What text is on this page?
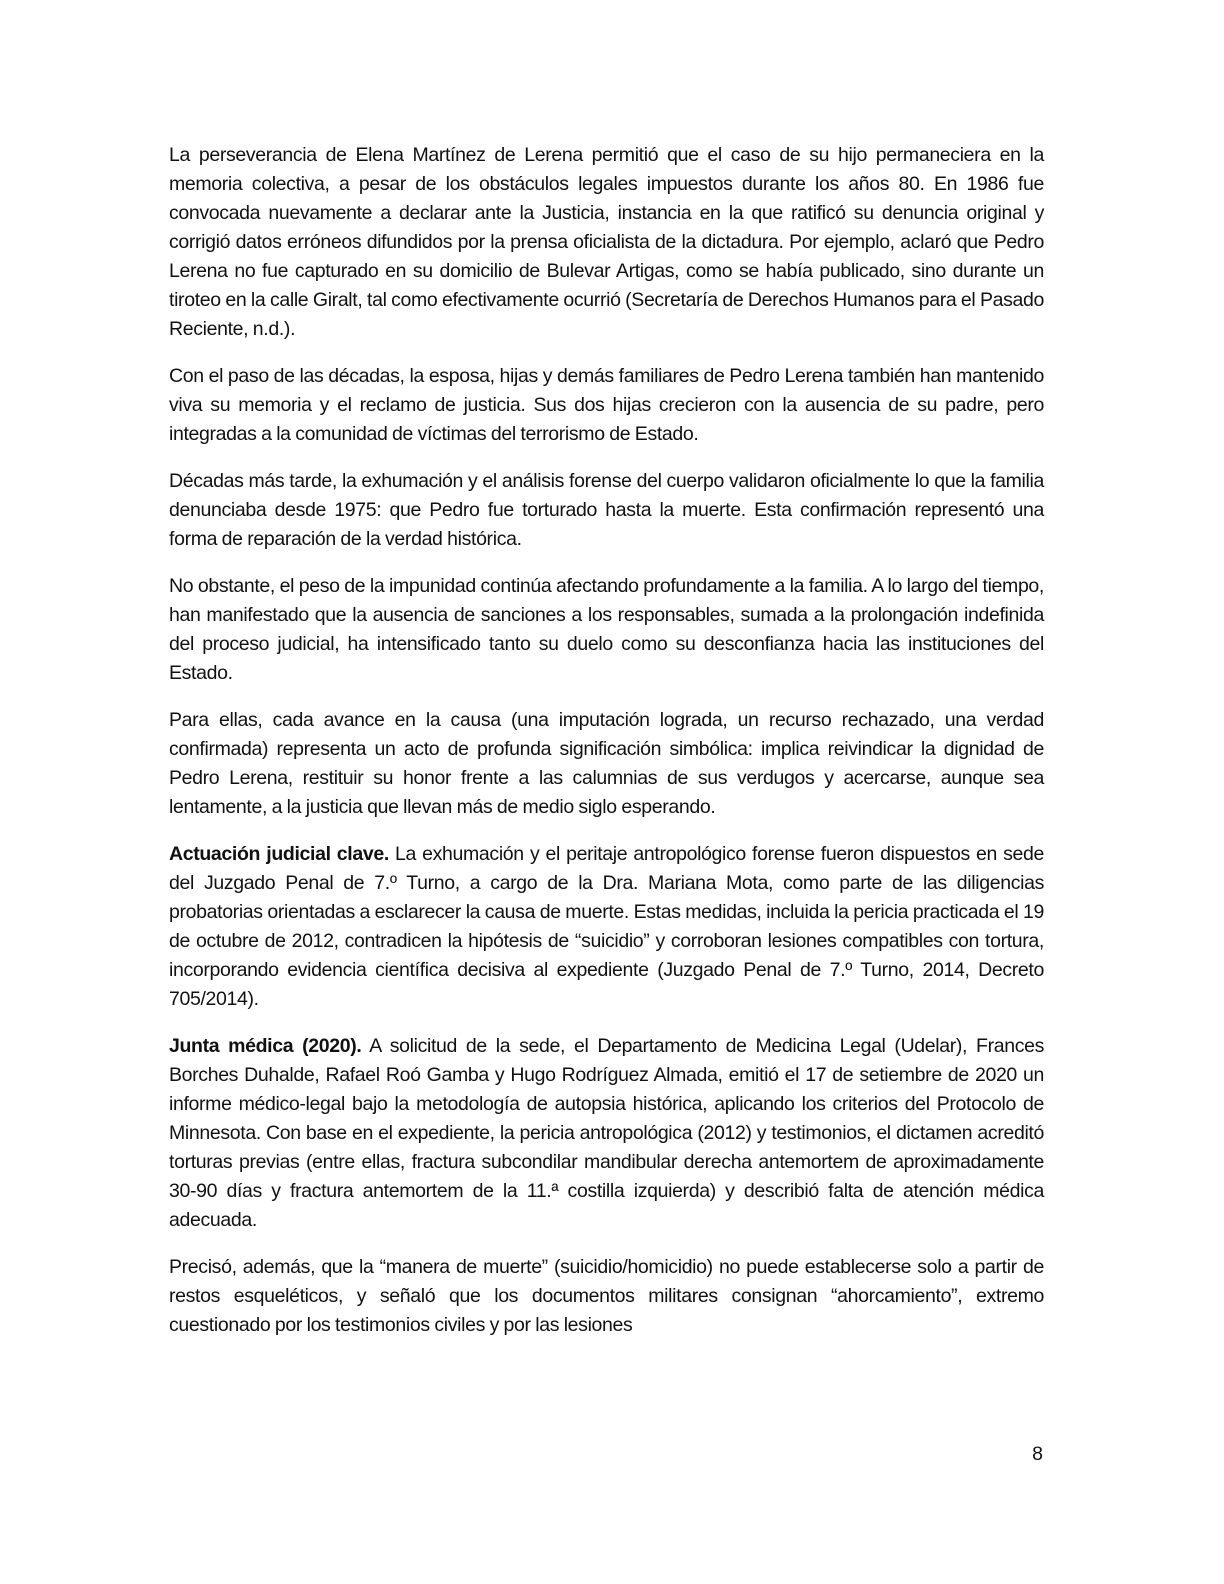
La perseverancia de Elena Martínez de Lerena permitió que el caso de su hijo permaneciera en la memoria colectiva, a pesar de los obstáculos legales impuestos durante los años 80. En 1986 fue convocada nuevamente a declarar ante la Justicia, instancia en la que ratificó su denuncia original y corrigió datos erróneos difundidos por la prensa oficialista de la dictadura. Por ejemplo, aclaró que Pedro Lerena no fue capturado en su domicilio de Bulevar Artigas, como se había publicado, sino durante un tiroteo en la calle Giralt, tal como efectivamente ocurrió (Secretaría de Derechos Humanos para el Pasado Reciente, n.d.).

Con el paso de las décadas, la esposa, hijas y demás familiares de Pedro Lerena también han mantenido viva su memoria y el reclamo de justicia. Sus dos hijas crecieron con la ausencia de su padre, pero integradas a la comunidad de víctimas del terrorismo de Estado.

Décadas más tarde, la exhumación y el análisis forense del cuerpo validaron oficialmente lo que la familia denunciaba desde 1975: que Pedro fue torturado hasta la muerte. Esta confirmación representó una forma de reparación de la verdad histórica.

No obstante, el peso de la impunidad continúa afectando profundamente a la familia. A lo largo del tiempo, han manifestado que la ausencia de sanciones a los responsables, sumada a la prolongación indefinida del proceso judicial, ha intensificado tanto su duelo como su desconfianza hacia las instituciones del Estado.

Para ellas, cada avance en la causa (una imputación lograda, un recurso rechazado, una verdad confirmada) representa un acto de profunda significación simbólica: implica reivindicar la dignidad de Pedro Lerena, restituir su honor frente a las calumnias de sus verdugos y acercarse, aunque sea lentamente, a la justicia que llevan más de medio siglo esperando.

Actuación judicial clave. La exhumación y el peritaje antropológico forense fueron dispuestos en sede del Juzgado Penal de 7.º Turno, a cargo de la Dra. Mariana Mota, como parte de las diligencias probatorias orientadas a esclarecer la causa de muerte. Estas medidas, incluida la pericia practicada el 19 de octubre de 2012, contradicen la hipótesis de “suicidio” y corroboran lesiones compatibles con tortura, incorporando evidencia científica decisiva al expediente (Juzgado Penal de 7.º Turno, 2014, Decreto 705/2014).

Junta médica (2020). A solicitud de la sede, el Departamento de Medicina Legal (Udelar), Frances Borches Duhalde, Rafael Roó Gamba y Hugo Rodríguez Almada, emitió el 17 de setiembre de 2020 un informe médico-legal bajo la metodología de autopsia histórica, aplicando los criterios del Protocolo de Minnesota. Con base en el expediente, la pericia antropológica (2012) y testimonios, el dictamen acreditó torturas previas (entre ellas, fractura subcondilar mandibular derecha antemortem de aproximadamente 30-90 días y fractura antemortem de la 11.ª costilla izquierda) y describió falta de atención médica adecuada.

Precisó, además, que la “manera de muerte” (suicidio/homicidio) no puede establecerse solo a partir de restos esqueléticos, y señaló que los documentos militares consignan “ahorcamiento”, extremo cuestionado por los testimonios civiles y por las lesiones

8
